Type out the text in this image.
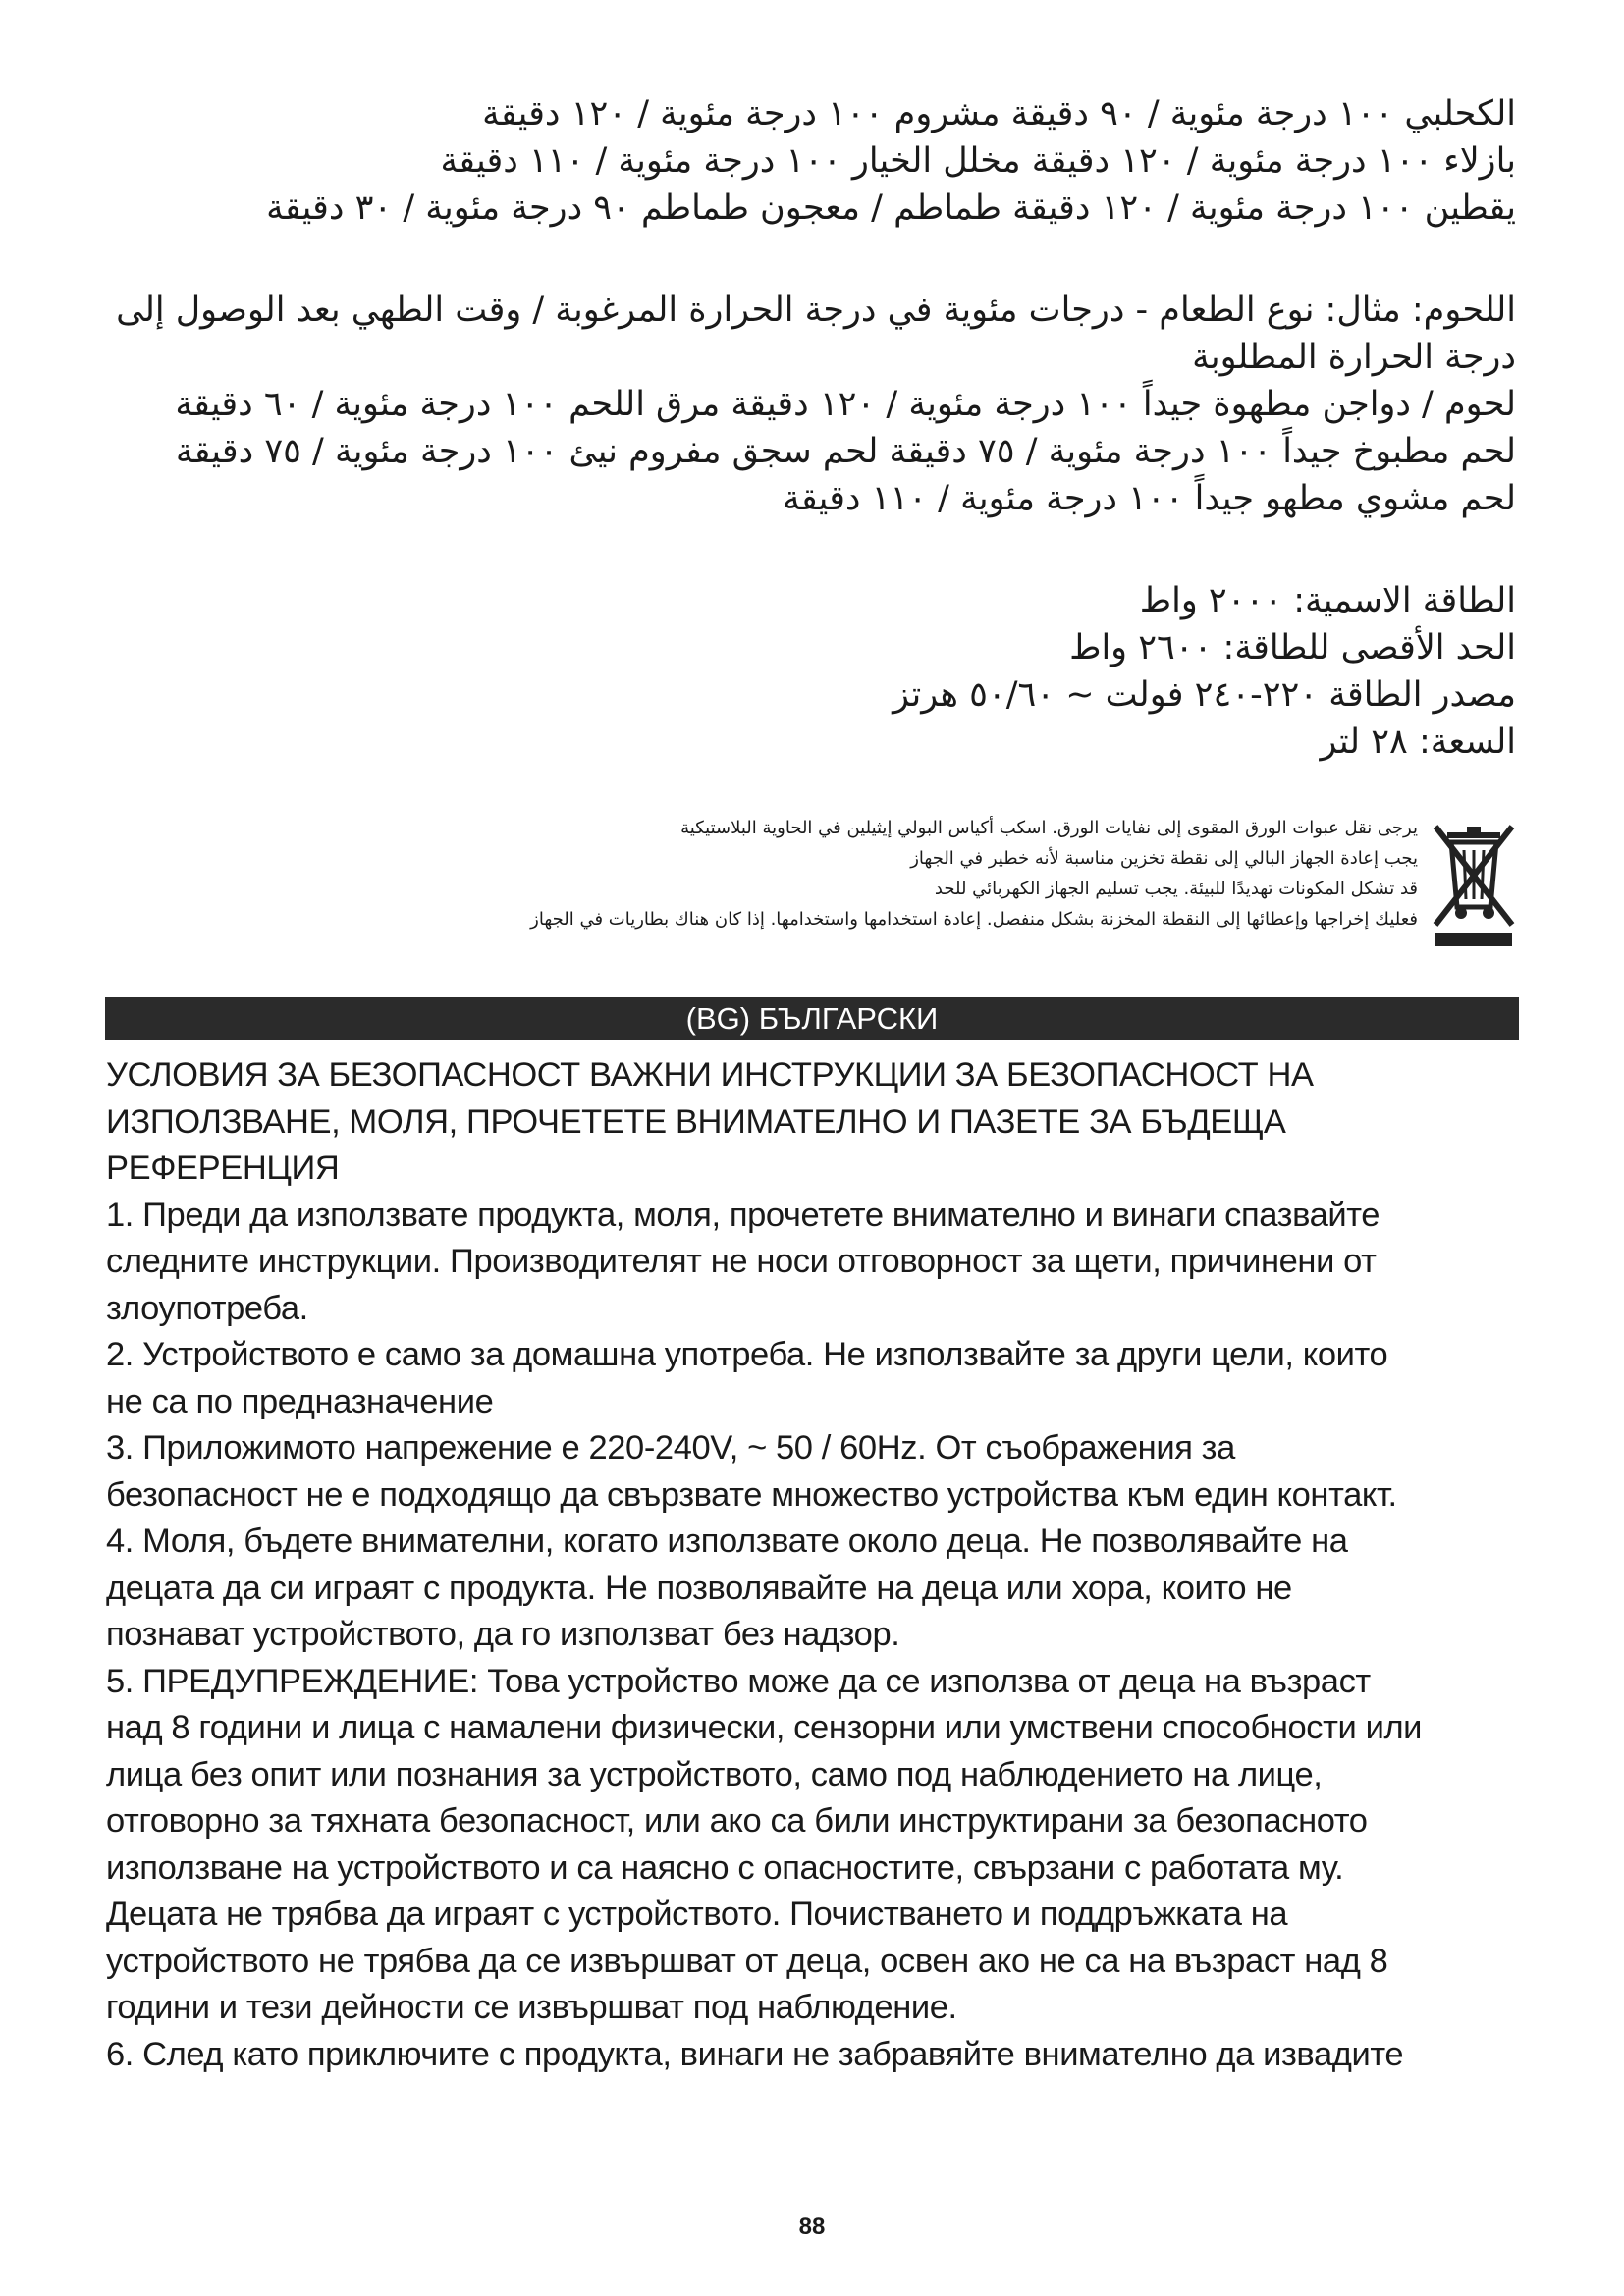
الكحلبي ١٠٠ درجة مئوية / ٩٠ دقيقة مشروم ١٠٠ درجة مئوية / ١٢٠ دقيقة

بازلاء ١٠٠ درجة مئوية / ١٢٠ دقيقة مخلل الخيار ١٠٠ درجة مئوية / ١١٠ دقيقة

يقطين ١٠٠ درجة مئوية / ١٢٠ دقيقة طماطم / معجون طماطم ٩٠ درجة مئوية / ٣٠ دقيقة

اللحوم: مثال: نوع الطعام - درجات مئوية في درجة الحرارة المرغوبة / وقت الطهي بعد الوصول إلى

درجة الحرارة المطلوبة

لحوم / دواجن مطهوة جيداً ١٠٠ درجة مئوية / ١٢٠ دقيقة مرق اللحم ١٠٠ درجة مئوية / ٦٠ دقيقة

لحم مطبوخ جيداً ١٠٠ درجة مئوية / ٧٥ دقيقة لحم سجق مفروم نيئ ١٠٠ درجة مئوية / ٧٥ دقيقة

لحم مشوي مطهو جيداً ١٠٠ درجة مئوية / ١١٠ دقيقة

الطاقة الاسمية: ٢٠٠٠ واط

الحد الأقصى للطاقة: ٢٦٠٠ واط

مصدر الطاقة ٢٢٠-٢٤٠ فولت ~ ٥٠/٦٠ هرتز

السعة: ٢٨ لتر

يرجى نقل عبوات الورق المقوى إلى نفايات الورق. اسكب أكياس البولي إيثيلين في الحاوية البلاستيكية

يجب إعادة الجهاز البالي إلى نقطة تخزين مناسبة لأنه خطير في الجهاز

قد تشكل المكونات تهديدًا للبيئة. يجب تسليم الجهاز الكهربائي للحد

فعليك إخراجها وإعطائها إلى النقطة المخزنة بشكل منفصل. إعادة استخدامها واستخدامها. إذا كان هناك بطاريات في الجهاز

(BG) БЪЛГАРСКИ

УСЛОВИЯ ЗА БЕЗОПАСНОСТ ВАЖНИ ИНСТРУКЦИИ ЗА БЕЗОПАСНОСТ НА

ИЗПОЛЗВАНЕ, МОЛЯ, ПРОЧЕТЕТЕ ВНИМАТЕЛНО И ПАЗЕТЕ ЗА БЪДЕЩА

РЕФЕРЕНЦИЯ

1. Преди да използвате продукта, моля, прочетете внимателно и винаги спазвайте

следните инструкции. Производителят не носи отговорност за щети, причинени от

злоупотреба.

2. Устройството е само за домашна употреба. Не използвайте за други цели, които

не са по предназначение

3. Приложимото напрежение е 220-240V, ~ 50 / 60Hz. От съображения за

безопасност не е подходящо да свързвате множество устройства към един контакт.

4. Моля, бъдете внимателни, когато използвате около деца. Не позволявайте на

децата да си играят с продукта. Не позволявайте на деца или хора, които не

познават устройството, да го използват без надзор.

5. ПРЕДУПРЕЖДЕНИЕ: Това устройство може да се използва от деца на възраст

над 8 години и лица с намалени физически, сензорни или умствени способности или

лица без опит или познания за устройството, само под наблюдението на лице,

отговорно за тяхната безопасност, или ако са били инструктирани за безопасното

използване на устройството и са наясно с опасностите, свързани с работата му.

Децата не трябва да играят с устройството. Почистването и поддръжката на

устройството не трябва да се извършват от деца, освен ако не са на възраст над 8

години и тези дейности се извършват под наблюдение.

6. След като приключите с продукта, винаги не забравяйте внимателно да извадите

88
